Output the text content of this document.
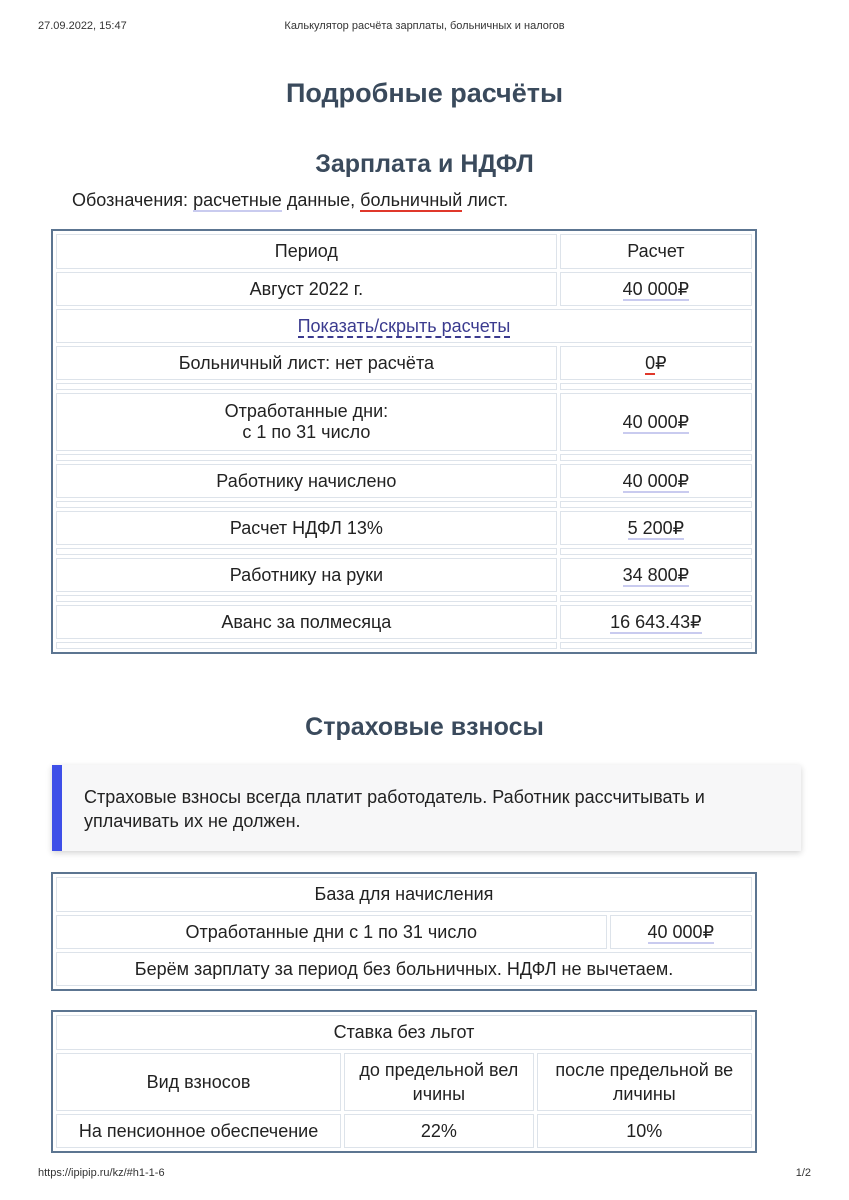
27.09.2022, 15:47	Калькулятор расчёта зарплаты, больничных и налогов
Подробные расчёты
Зарплата и НДФЛ
Обозначения: расчетные данные, больничный лист.
Период	Расчет
Август 2022 г.	40 000₽
Показать/скрыть расчеты	
Больничный лист: нет расчёта	0₽

Отработанные дни:
с 1 по 31 число	40 000₽

Работнику начислено	40 000₽

Расчет НДФЛ 13%	5 200₽

Работнику на руки	34 800₽

Аванс за полмесяца	16 643.43₽

Страховые взносы
Страховые взносы всегда платит работодатель. Работник рассчитывать и уплачивать их не должен.
База для начисления
Отработанные дни с 1 по 31 число	40 000₽
Берём зарплату за период без больничных. НДФЛ не вычетаем.
Ставка без льгот		
Вид взносов	до предельной вел ичины	после предельной ве личины
На пенсионное обеспечение	22%	10%
https://ipipip.ru/kz/#h1-1-6	1/2
